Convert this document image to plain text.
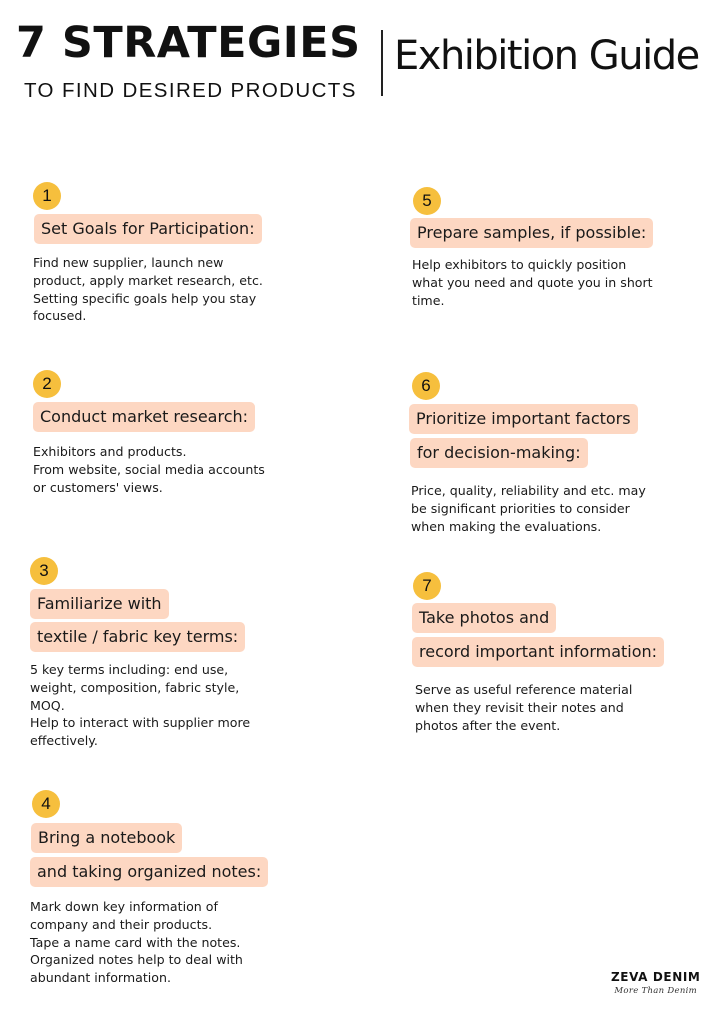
7 STRATEGIES
TO FIND DESIRED PRODUCTS
Exhibition Guide
1
Set Goals for Participation:
Find new supplier, launch new
product, apply market research, etc.
Setting specific goals help you stay
focused.
2
Conduct market research:
Exhibitors and products.
From website, social media accounts
or customers' views.
3
Familiarize with
textile / fabric key terms:
5 key terms including: end use,
weight, composition, fabric style,
MOQ.
Help to interact with supplier more
effectively.
4
Bring a notebook
and taking organized notes:
Mark down key information of
company and their products.
Tape a name card with the notes.
Organized notes help to deal with
abundant information.
5
Prepare samples, if possible:
Help exhibitors to quickly position
what you need and quote you in short
time.
6
Prioritize important factors
for decision-making:
Price, quality, reliability and etc. may
be significant priorities to consider
when making the evaluations.
7
Take photos and
record important information:
Serve as useful reference material
when they revisit their notes and
photos after the event.
ZEVA DENIM
More Than Denim
